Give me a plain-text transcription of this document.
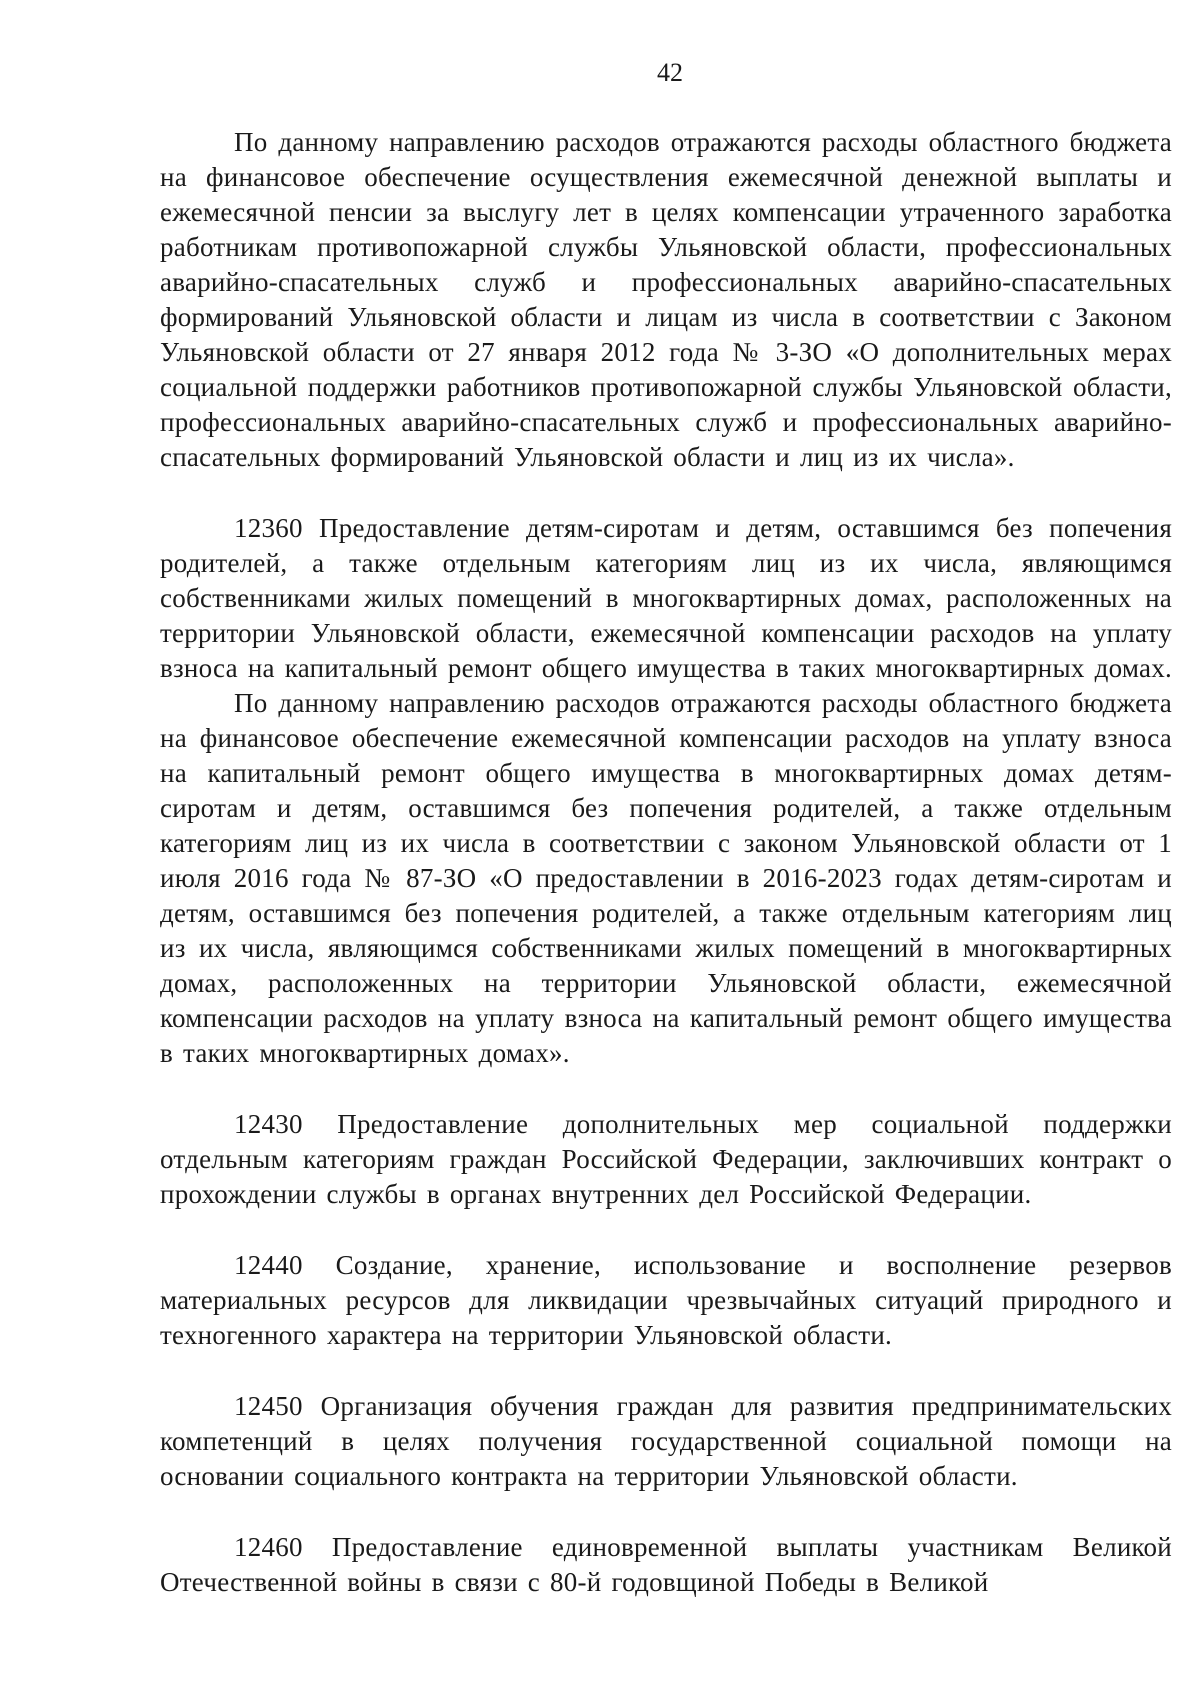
42

По данному направлению расходов отражаются расходы областного бюджета на финансовое обеспечение осуществления ежемесячной денежной выплаты и ежемесячной пенсии за выслугу лет в целях компенсации утраченного заработка работникам противопожарной службы Ульяновской области, профессиональных аварийно-спасательных служб и профессиональных аварийно-спасательных формирований Ульяновской области и лицам из числа в соответствии с Законом Ульяновской области от 27 января 2012 года № 3-ЗО «О дополнительных мерах социальной поддержки работников противопожарной службы Ульяновской области, профессиональных аварийно-спасательных служб и профессиональных аварийно-спасательных формирований Ульяновской области и лиц из их числа».

12360 Предоставление детям-сиротам и детям, оставшимся без попечения родителей, а также отдельным категориям лиц из их числа, являющимся собственниками жилых помещений в многоквартирных домах, расположенных на территории Ульяновской области, ежемесячной компенсации расходов на уплату взноса на капитальный ремонт общего имущества в таких многоквартирных домах.

По данному направлению расходов отражаются расходы областного бюджета на финансовое обеспечение ежемесячной компенсации расходов на уплату взноса на капитальный ремонт общего имущества в многоквартирных домах детям-сиротам и детям, оставшимся без попечения родителей, а также отдельным категориям лиц из их числа в соответствии с законом Ульяновской области от 1 июля 2016 года № 87-ЗО «О предоставлении в 2016-2023 годах детям-сиротам и детям, оставшимся без попечения родителей, а также отдельным категориям лиц из их числа, являющимся собственниками жилых помещений в многоквартирных домах, расположенных на территории Ульяновской области, ежемесячной компенсации расходов на уплату взноса на капитальный ремонт общего имущества в таких многоквартирных домах».

12430 Предоставление дополнительных мер социальной поддержки отдельным категориям граждан Российской Федерации, заключивших контракт о прохождении службы в органах внутренних дел Российской Федерации.

12440 Создание, хранение, использование и восполнение резервов материальных ресурсов для ликвидации чрезвычайных ситуаций природного и техногенного характера на территории Ульяновской области.

12450 Организация обучения граждан для развития предпринимательских компетенций в целях получения государственной социальной помощи на основании социального контракта на территории Ульяновской области.

12460 Предоставление единовременной выплаты участникам Великой Отечественной войны в связи с 80-й годовщиной Победы в Великой
